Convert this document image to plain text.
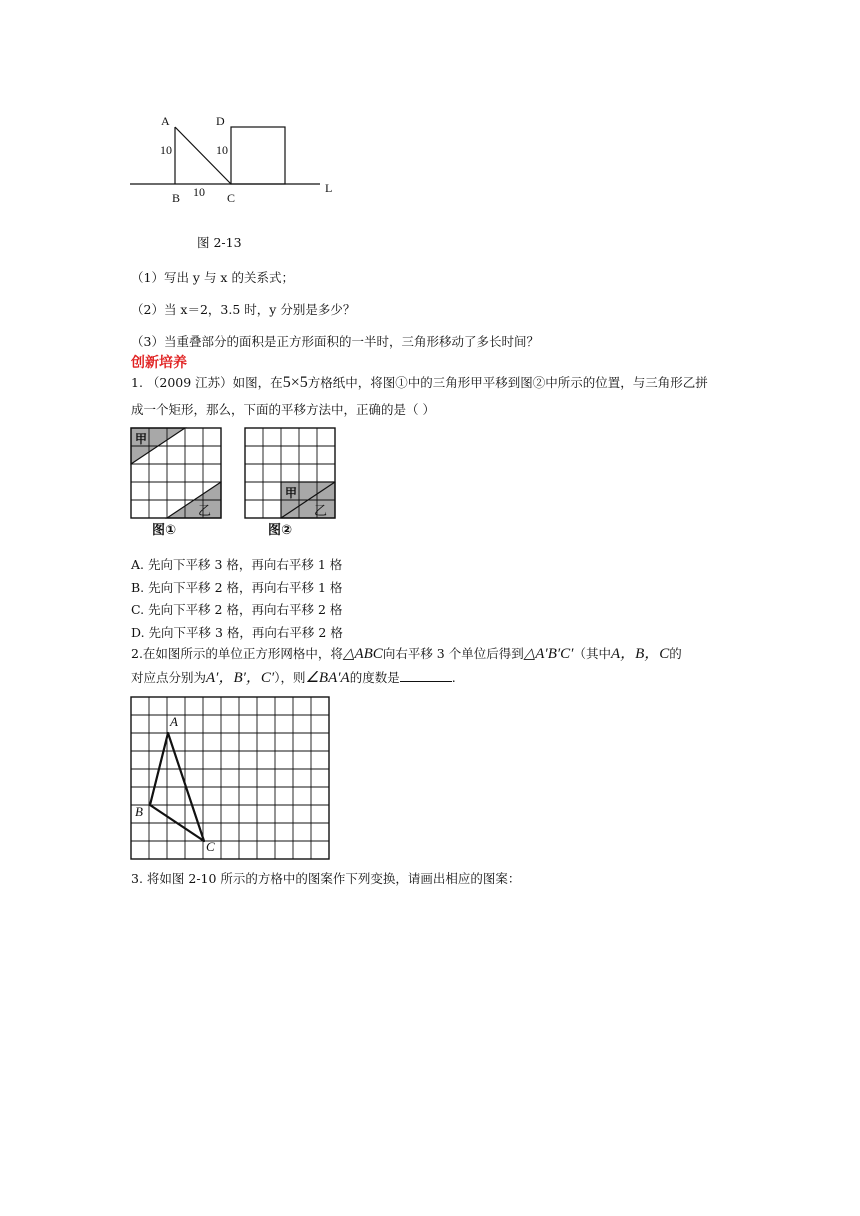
A	D
10	10
B 10 C
L
图 2-13
（1）写出 y 与 x 的关系式；
（2）当 x＝2，3.5 时，y 分别是多少？
（3）当重叠部分的面积是正方形面积的一半时，三角形移动了多长时间？
创新培养
1. （2009 江苏）如图，在5×5方格纸中，将图①中的三角形甲平移到图②中所示的位置，与三角形乙拼
成一个矩形，那么，下面的平移方法中，正确的是（ ）
甲
乙
图①
甲
乙
图②
A. 先向下平移 3 格，再向右平移 1 格
B. 先向下平移 2 格，再向右平移 1 格
C. 先向下平移 2 格，再向右平移 2 格
D. 先向下平移 3 格，再向右平移 2 格
2.在如图所示的单位正方形网格中，将△ABC向右平移 3 个单位后得到△A′B′C′（其中A，B，C的
对应点分别为A′，B′，C′），则∠BA′A的度数是	.
A
B
C
3. 将如图 2-10 所示的方格中的图案作下列变换，请画出相应的图案：
